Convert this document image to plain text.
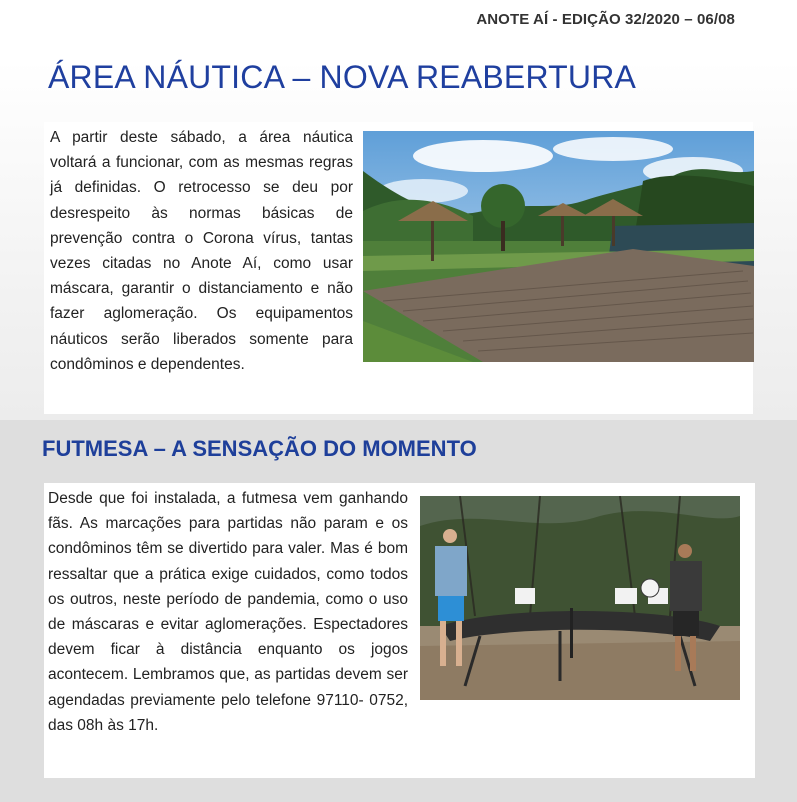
ANOTE AÍ - EDIÇÃO 32/2020 – 06/08
ÁREA NÁUTICA – NOVA REABERTURA
A partir deste sábado, a área náutica voltará a funcionar, com as mesmas regras já definidas. O retrocesso se deu por desrespeito às normas básicas de prevenção contra o Corona vírus, tantas vezes citadas no Anote Aí, como usar máscara, garantir o distanciamento e não fazer aglomeração. Os equipamentos náuticos serão liberados somente para condôminos e dependentes.
FUTMESA – A SENSAÇÃO DO MOMENTO
Desde que foi instalada, a futmesa vem ganhando fãs. As marcações para partidas não param e os condôminos têm se divertido para valer. Mas é bom ressaltar que a prática exige cuidados, como todos os outros, neste período de pandemia, como o uso de máscaras e evitar aglomerações. Espectadores devem ficar à distância enquanto os jogos acontecem. Lembramos que, as partidas devem ser agendadas previamente pelo telefone 97110- 0752, das 08h às 17h.
